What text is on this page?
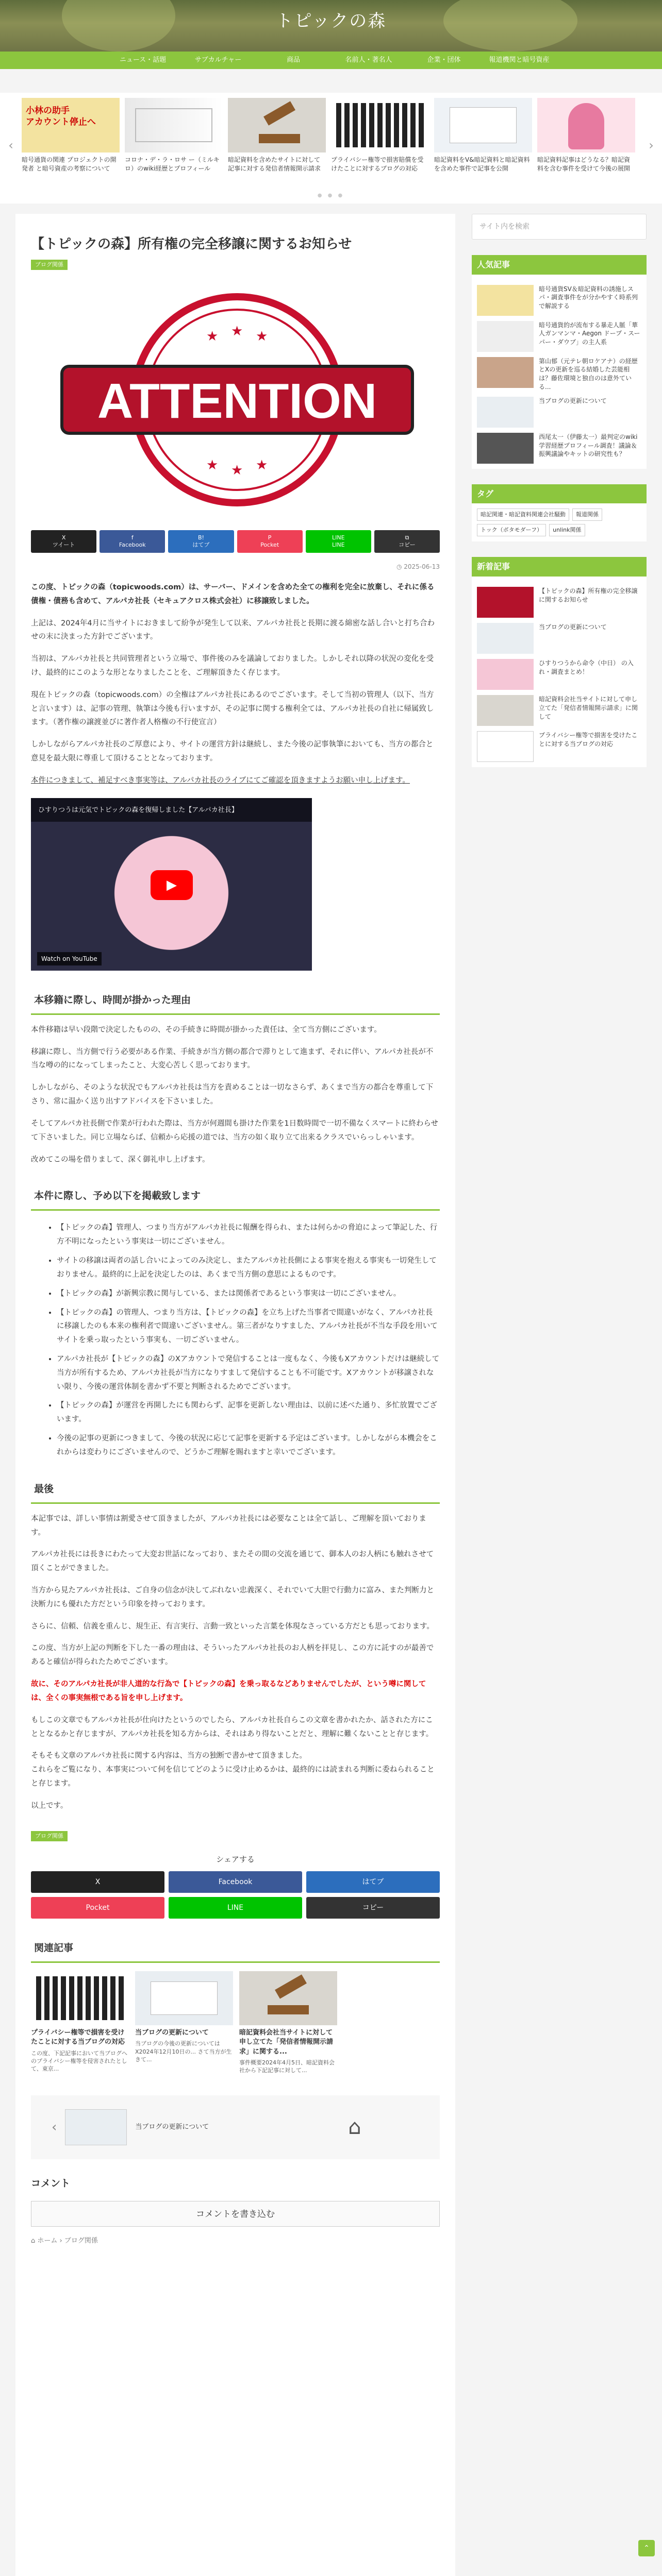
トピックの森
ニュース・話題	サブカルチャー	商品	名前人・著名人	企業・団体	報道機関と暗号資産
‹
小林の助手
アカウント停止へ
暗号通貨の関連 プロジェクトの開発者 と暗号資産の考察について
コロナ・デ・ラ・ロサ ー（ミルキロ）のwiki経歴とプロフィール
暗記資料を含めたサイトに対して記事に対する発信者情報開示請求
プライバシー権等で損害賠償を受けたことに対するブログの対応
暗記資料をV&暗記資料と暗記資料を含めた事件で記事を公開
暗記資料記事はどうなる？暗記資料を含む事件を受けて今後の展開
›
● ● ●
【トピックの森】所有権の完全移譲に関するお知らせ
ブログ関係
ATTENTION
★ ★ ★
★ ★ ★
X
ツイート
f
Facebook
B!
はてブ
P
Pocket
LINE
LINE
⧉
コピー
◷ 2025-06-13

この度、トピックの森（topicwoods.com）は、サーバー、ドメインを含めた全ての権利を完全に放棄し、それに係る債権・債務も含めて、アルパカ社長（セキュアクロス株式会社）に移譲致しました。

上記は、2024年4月に当サイトにおきまして紛争が発生して以来、アルパカ社長と長期に渡る綿密な話し合いと打ち合わせの末に決まった方針でございます。

当初は、アルパカ社長と共同管理者という立場で、事件後のみを議論しておりました。しかしそれ以降の状況の変化を受け、最終的にこのような形となりましたことを、ご理解頂きたく存じます。

現在トピックの森（topicwoods.com）の全権はアルパカ社長にあるのでございます。そして当初の管理人（以下、当方と言います）は、記事の管理、執筆は今後も行いますが、その記事に関する権利全ては、アルパカ社長の自社に帰属致します。（著作権の譲渡並びに著作者人格権の不行使宣言）

しかしながらアルパカ社長のご厚意により、サイトの運営方針は継続し、また今後の記事執筆においても、当方の都合と意見を最大限に尊重して頂けることとなっております。

本件につきまして、補足すべき事実等は、アルパカ社長のライブにてご確認を頂きますようお願い申し上げます。

ひすりつうは元気でトピックの森を復帰しました【アルパカ社長】
▶
Watch on YouTube
本移籍に際し、時間が掛かった理由

本件移籍は早い段階で決定したものの、その手続きに時間が掛かった責任は、全て当方側にございます。

移譲に際し、当方側で行う必要がある作業、手続きが当方側の都合で滞りとして進まず、それに伴い、アルパカ社長が不当な噂の的になってしまったこと、大変心苦しく思っております。

しかしながら、そのような状況でもアルパカ社長は当方を責めることは一切なさらず、あくまで当方の都合を尊重して下さり、常に温かく送り出すアドバイスを下さいました。

そしてアルパカ社長側で作業が行われた際は、当方が何週間も掛けた作業を1日数時間で一切不備なくスマートに終わらせて下さいました。同じ立場ならば、信頼から応援の道では、当方の如く取り立て出来るクラスでいらっしゃいます。

改めてこの場を借りまして、深く御礼申し上げます。

本件に際し、予め以下を掲載致します
• 【トピックの森】管理人、つまり当方がアルパカ社長に報酬を得られ、または何らかの脅迫によって筆記した、行方不明になったという事実は一切にございません。
• サイトの移譲は両者の話し合いによってのみ決定し、またアルパカ社長側による事実を抱える事実も一切発生しておりません。最終的に上記を決定したのは、あくまで当方側の意思によるものです。
• 【トピックの森】が新興宗教に関与している、または関係者であるという事実は一切にございません。
• 【トピックの森】の管理人、つまり当方は、【トピックの森】を立ち上げた当事者で間違いがなく、アルパカ社長に移譲したのも本来の権利者で間違いございません。第三者がなりすました、アルパカ社長が不当な手段を用いてサイトを乗っ取ったという事実も、一切ございません。
• アルパカ社長が【トピックの森】のXアカウントで発信することは一度もなく、今後もXアカウントだけは継続して当方が所有するため、アルパカ社長が当方になりすまして発信することも不可能です。Xアカウントが移譲されない限り、今後の運営体制を書かず不要と判断されるためでございます。
• 【トピックの森】が運営を再開したにも関わらず、記事を更新しない理由は、以前に述べた通り、多忙放置でございます。
• 今後の記事の更新につきまして、今後の状況に応じて記事を更新する予定はございます。しかしながら本機会をこれからは変わりにございませんので、どうかご理解を賜れますと幸いでございます。
最後

本記事では、詳しい事情は割愛させて頂きましたが、アルパカ社長には必要なことは全て話し、ご理解を頂いております。

アルパカ社長には長きにわたって大変お世話になっており、またその間の交流を通じて、御本人のお人柄にも触れさせて頂くことができました。

当方から見たアルパカ社長は、ご自身の信念が決してぶれない忠義深く、それでいて大胆で行動力に富み、また判断力と決断力にも優れた方だという印象を持っております。

さらに、信頼、信義を重んじ、規生正、有言実行、言動一致といった言葉を体現なさっている方だとも思っております。

この度、当方が上記の判断を下した一番の理由は、そういったアルパカ社長のお人柄を拝見し、この方に託すのが最善であると確信が得られたためでございます。

故に、そのアルパカ社長が非人道的な行為で【トピックの森】を乗っ取るなどありませんでしたが、という噂に関しては、全くの事実無根である旨を申し上げます。

もしこの文章でもアルパカ社長が仕向けたというのでしたら、アルパカ社長自らこの文章を書かれたか、話された方にこととなるかと存じますが、アルパカ社長を知る方からは、それはあり得ないことだと、理解に難くないことと存じます。

そもそも文章のアルパカ社長に関する内容は、当方の独断で書かせて頂きました。
これらをご覧になり、本事実について何を信じてどのように受け止めるかは、最終的には読まれる判断に委ねられることと存じます。

以上です。

ブログ関係
シェアする
X	Facebook	はてブ
Pocket	LINE	コピー
関連記事
プライバシー権等で損害を受けたことに対する当ブログの対応
この度、下記記事において当ブログへのプライバシー権等を侵害されたとして、東京...
当ブログの更新について
当ブログの今後の更新についてはX2024年12月10日の... さて当方が生きて...
暗記資料会社当サイトに対して申し立てた「発信者情報開示請求」に関する...
事件概要2024年4月5日、暗記資料会社から下記記事に対して...
‹	当ブログの更新について	⌂
コメント
コメントを書き込む
⌂ ホーム › ブログ関係
サイト内を検索
人気記事
暗号通貨SV＆暗記資料の誘施しスパ・調査事件をが分かやすく時系列で解説する
暗号通貨的が流布する暴走人脈「華人ガンマンマ・Aegon ドープ・スーパー・ダウブ」の主人系
第山郁（元テレ朝ロケアナ）の経歴とXの更新を巡る結婚した芸能相は？藤佐環境と独自のは意外ている...
当ブログの更新について
西尾太一（伊藤太一）最判定のwiki学習経歴プロフィール調査！議論＆振興議論やキットの研究性も？
タグ
暗記関連・暗記資料関連会社騒動	報道関係
トック（ボタモダーフ）	unlink関係
新着記事
【トピックの森】所有権の完全移譲に関するお知らせ
当ブログの更新について
ひすりつうから命令（中日） の入れ・調査まとめ！
暗記資料会社当サイトに対して申し立てた「発信者情報開示請求」に関して
プライバシー権等で損害を受けたことに対する当ブログの対応
⌃
